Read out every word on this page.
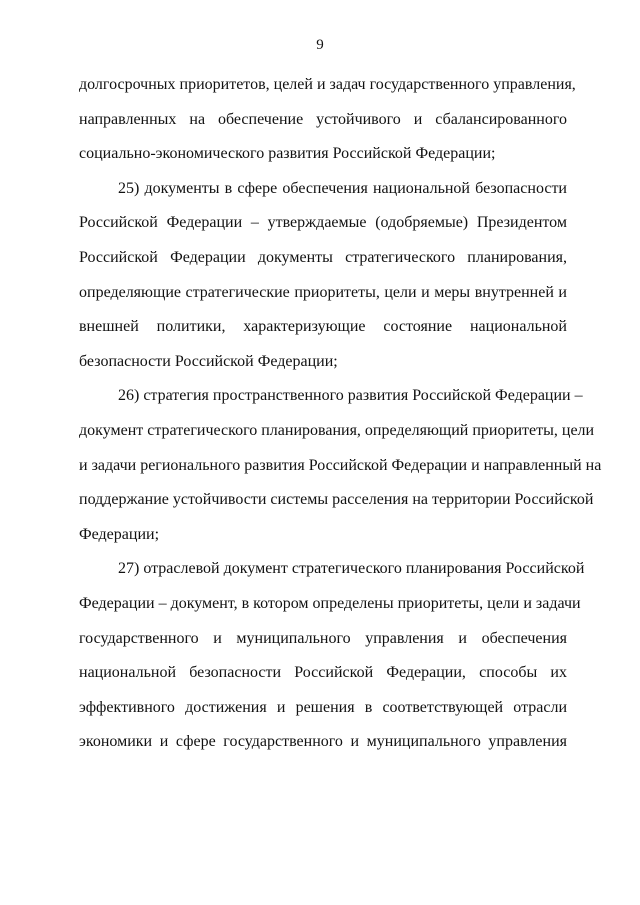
9
долгосрочных приоритетов, целей и задач государственного управления,
направленных на обеспечение устойчивого и сбалансированного
социально-экономического развития Российской Федерации;
25) документы в сфере обеспечения национальной безопасности
Российской Федерации – утверждаемые (одобряемые) Президентом
Российской Федерации документы стратегического планирования,
определяющие стратегические приоритеты, цели и меры внутренней и
внешней политики, характеризующие состояние национальной
безопасности Российской Федерации;
26) стратегия пространственного развития Российской Федерации –
документ стратегического планирования, определяющий приоритеты, цели
и задачи регионального развития Российской Федерации и направленный на
поддержание устойчивости системы расселения на территории Российской
Федерации;
27) отраслевой документ стратегического планирования Российской
Федерации – документ, в котором определены приоритеты, цели и задачи
государственного и муниципального управления и обеспечения
национальной безопасности Российской Федерации, способы их
эффективного достижения и решения в соответствующей отрасли
экономики и сфере государственного и муниципального управления
